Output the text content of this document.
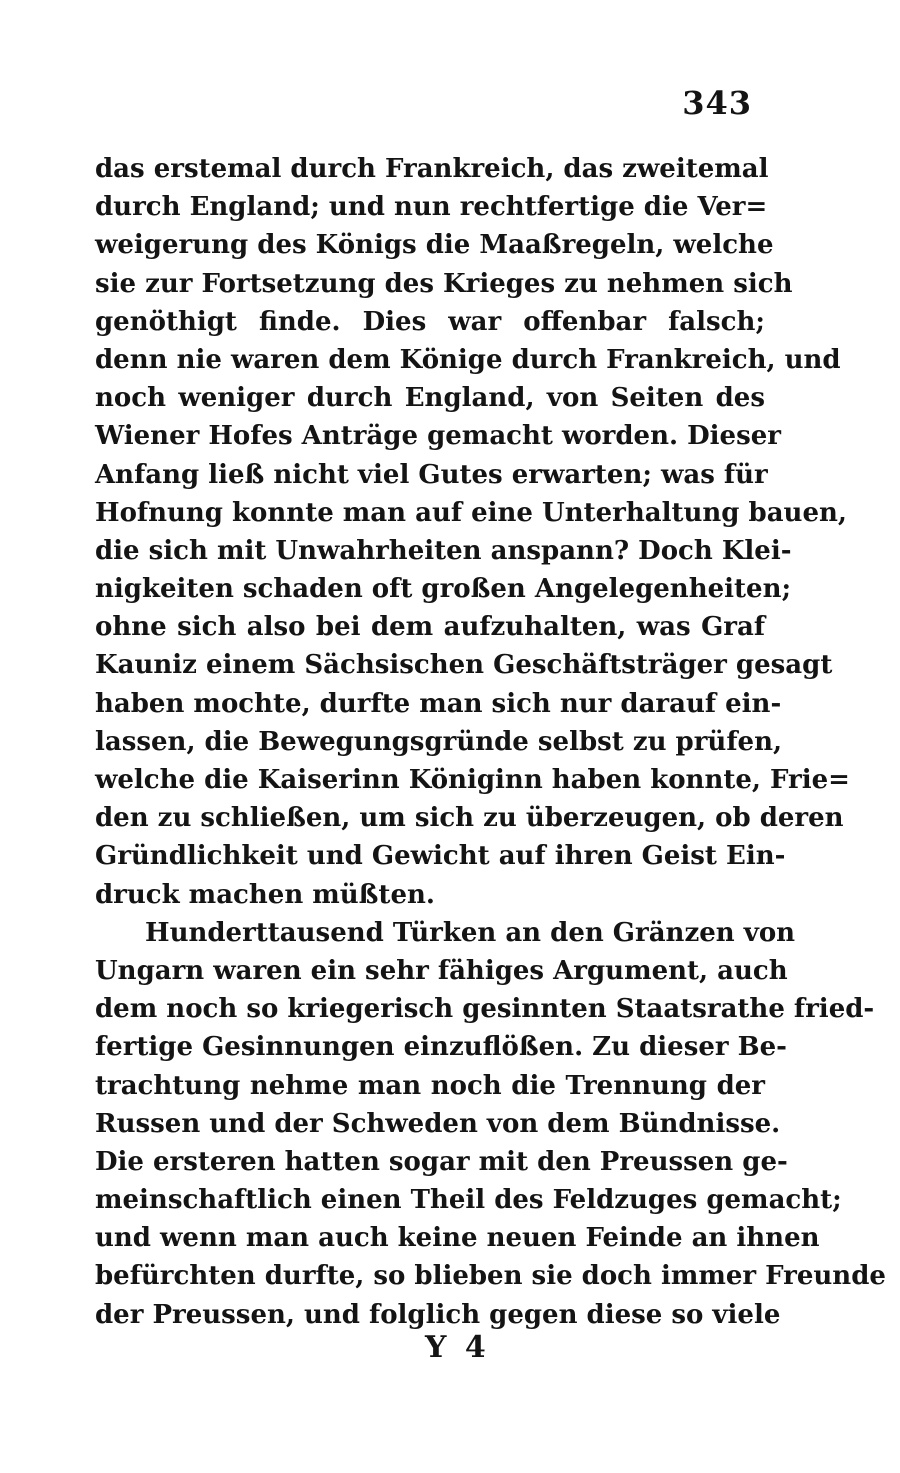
343
das erstemal durch Frankreich, das zweitemal
durch England; und nun rechtfertige die Ver=
weigerung des Königs die Maaßregeln, welche
sie zur Fortsetzung des Krieges zu nehmen sich
genöthigt finde. Dies war offenbar falsch;
denn nie waren dem Könige durch Frankreich, und
noch weniger durch England, von Seiten des
Wiener Hofes Anträge gemacht worden. Dieser
Anfang ließ nicht viel Gutes erwarten; was für
Hofnung konnte man auf eine Unterhaltung bauen,
die sich mit Unwahrheiten anspann? Doch Klei-
nigkeiten schaden oft großen Angelegenheiten;
ohne sich also bei dem aufzuhalten, was Graf
Kauniz einem Sächsischen Geschäftsträger gesagt
haben mochte, durfte man sich nur darauf ein-
lassen, die Bewegungsgründe selbst zu prüfen,
welche die Kaiserinn Königinn haben konnte, Frie=
den zu schließen, um sich zu überzeugen, ob deren
Gründlichkeit und Gewicht auf ihren Geist Ein-
druck machen müßten.
Hunderttausend Türken an den Gränzen von
Ungarn waren ein sehr fähiges Argument, auch
dem noch so kriegerisch gesinnten Staatsrathe fried-
fertige Gesinnungen einzuflößen. Zu dieser Be-
trachtung nehme man noch die Trennung der
Russen und der Schweden von dem Bündnisse.
Die ersteren hatten sogar mit den Preussen ge-
meinschaftlich einen Theil des Feldzuges gemacht;
und wenn man auch keine neuen Feinde an ihnen
befürchten durfte, so blieben sie doch immer Freunde
der Preussen, und folglich gegen diese so viele
Y 4
